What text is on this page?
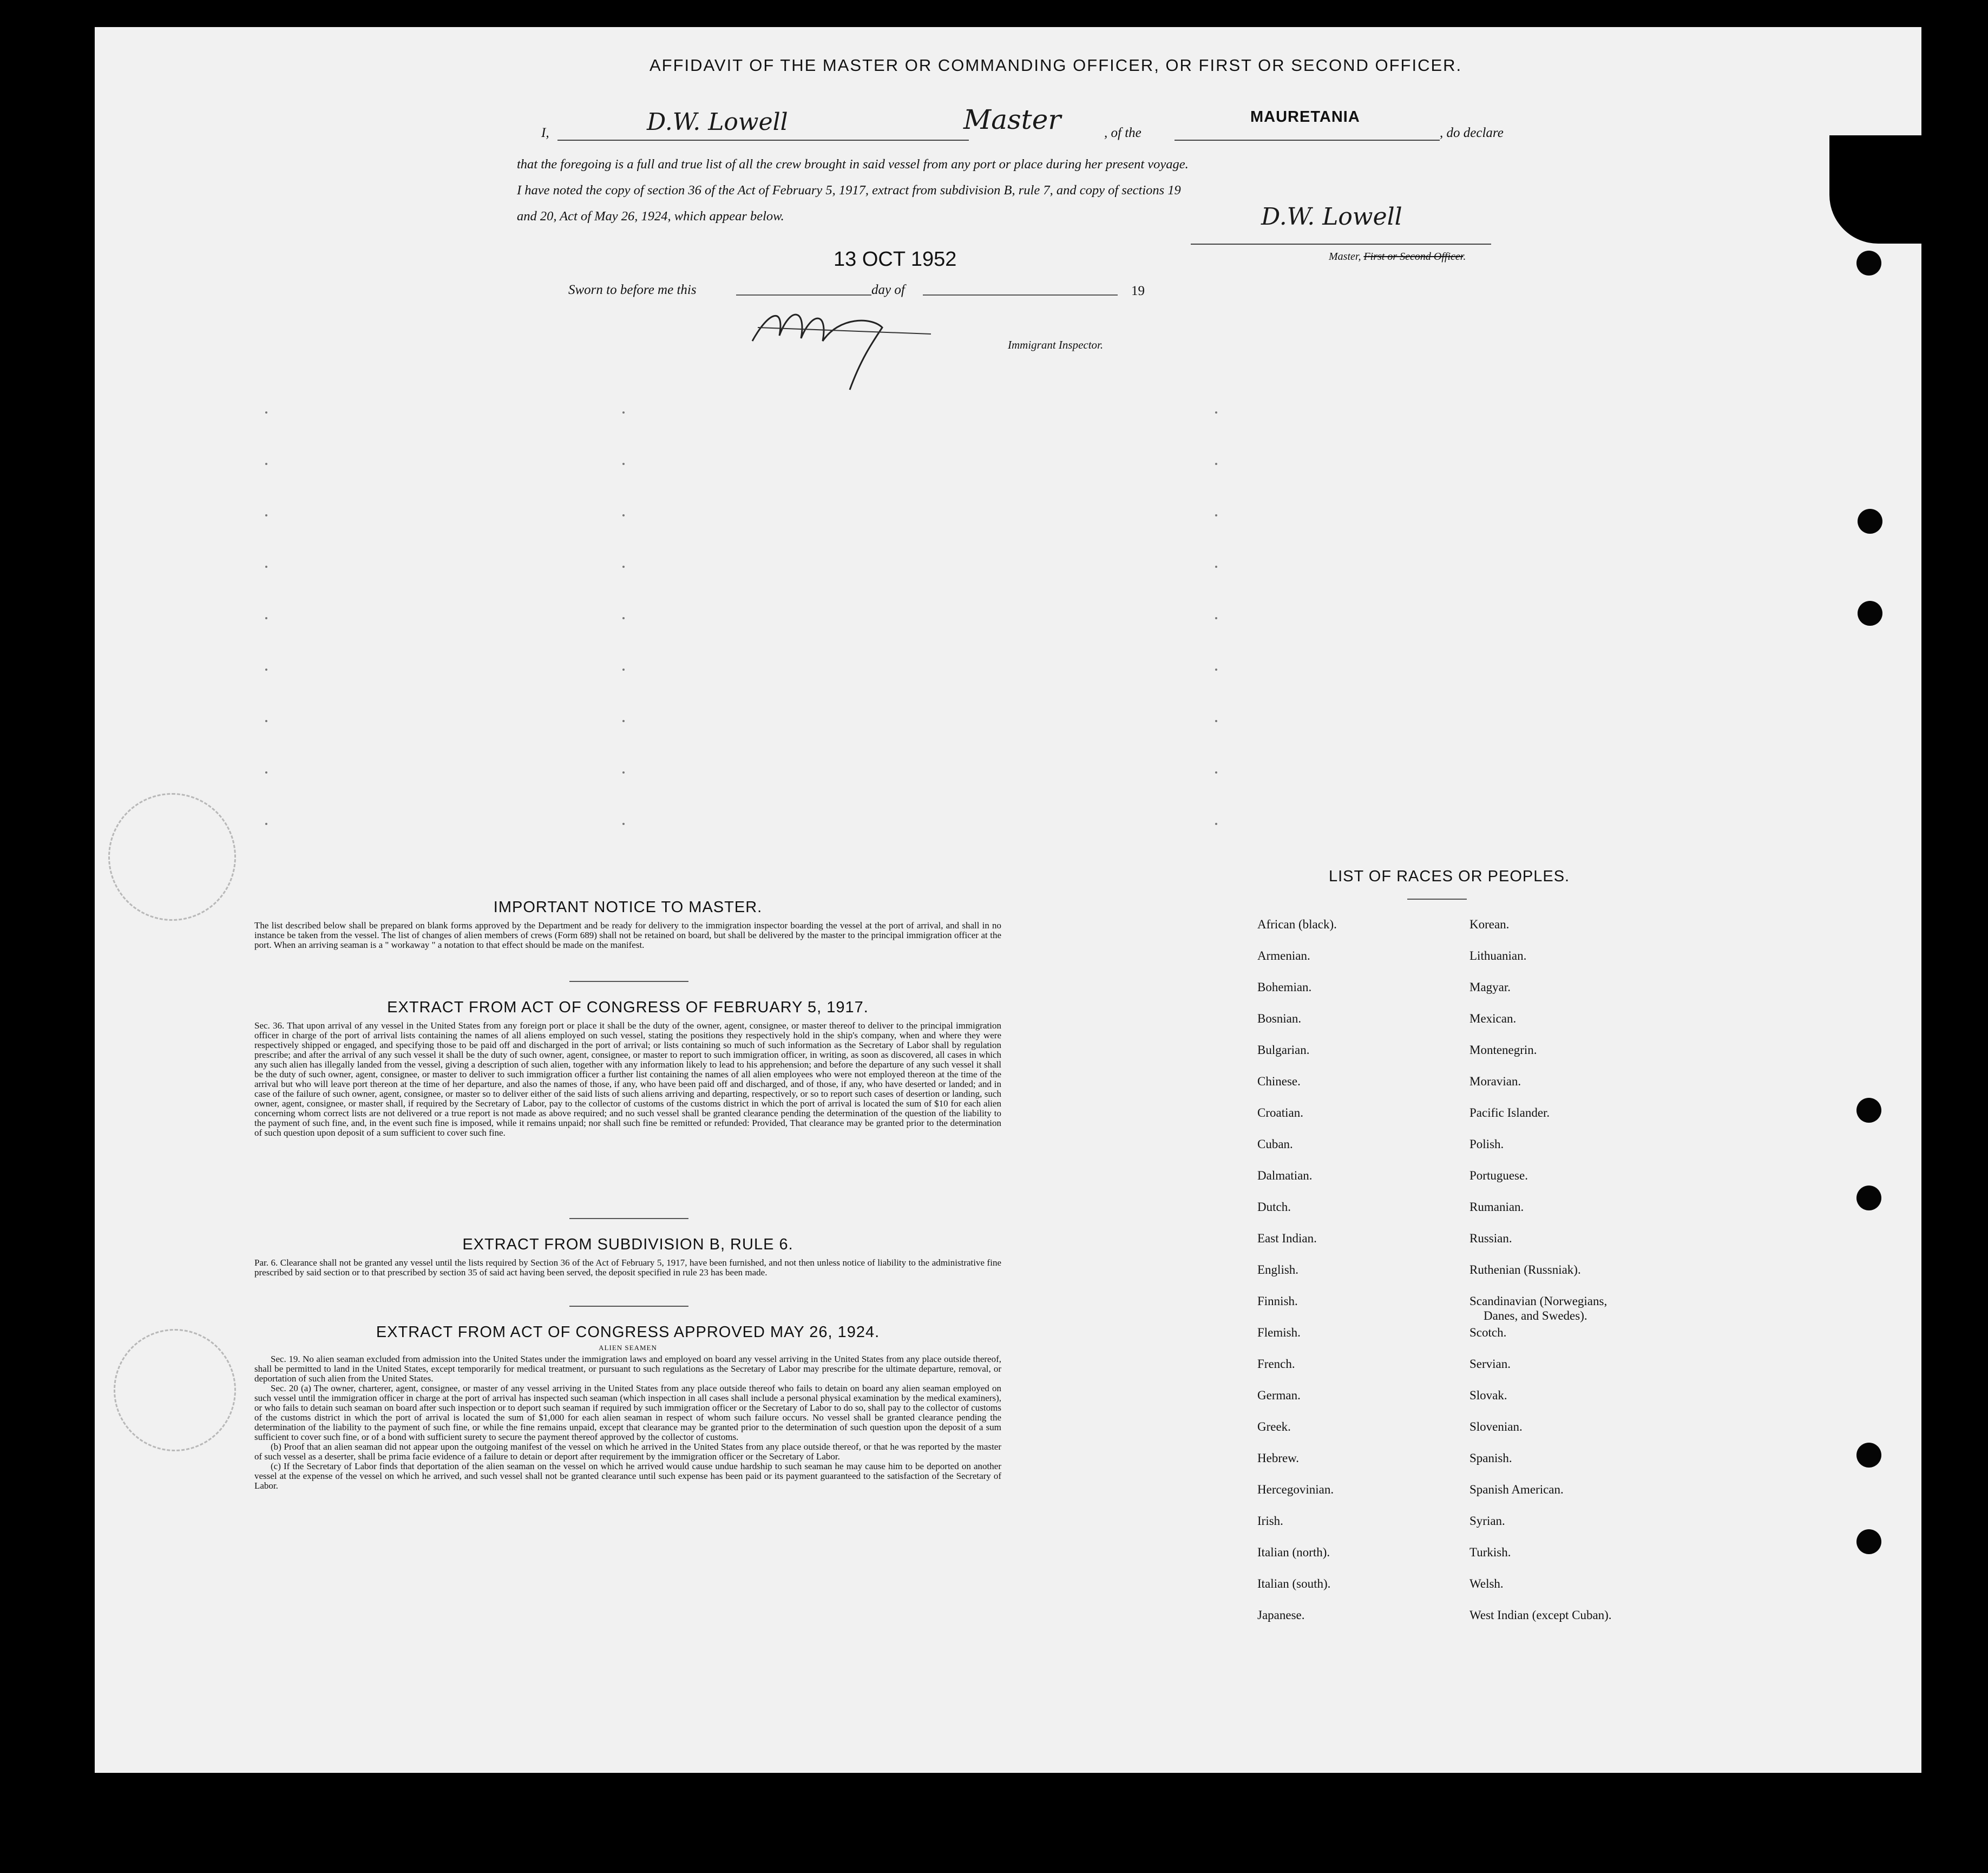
AFFIDAVIT OF THE MASTER OR COMMANDING OFFICER, OR FIRST OR SECOND OFFICER.
I,	D.W. Lowell	Master	, of the
MAURETANIA
, do declare
that the foregoing is a full and true list of all the crew brought in said vessel from any port or place during her present voyage.
I have noted the copy of section 36 of the Act of February 5, 1917, extract from subdivision B, rule 7, and copy of sections 19
and 20, Act of May 26, 1924, which appear below.	D.W. Lowell
Master, First or Second Officer.
13 OCT 1952
Sworn to before me this	day of	19
Immigrant Inspector.
IMPORTANT NOTICE TO MASTER.
The list described below shall be prepared on blank forms approved by the Department and be ready for delivery to the immigration inspector boarding the vessel at the port of arrival, and shall in no instance be taken from the vessel. The list of changes of alien members of crews (Form 689) shall not be retained on board, but shall be delivered by the master to the principal immigration officer at the port. When an arriving seaman is a " workaway " a notation to that effect should be made on the manifest.
EXTRACT FROM ACT OF CONGRESS OF FEBRUARY 5, 1917.
Sec. 36. That upon arrival of any vessel in the United States from any foreign port or place it shall be the duty of the owner, agent, consignee, or master thereof to deliver to the principal immigration officer in charge of the port of arrival lists containing the names of all aliens employed on such vessel, stating the positions they respectively hold in the ship's company, when and where they were respectively shipped or engaged, and specifying those to be paid off and discharged in the port of arrival; or lists containing so much of such information as the Secretary of Labor shall by regulation prescribe; and after the arrival of any such vessel it shall be the duty of such owner, agent, consignee, or master to report to such immigration officer, in writing, as soon as discovered, all cases in which any such alien has illegally landed from the vessel, giving a description of such alien, together with any information likely to lead to his apprehension; and before the departure of any such vessel it shall be the duty of such owner, agent, consignee, or master to deliver to such immigration officer a further list containing the names of all alien employees who were not employed thereon at the time of the arrival but who will leave port thereon at the time of her departure, and also the names of those, if any, who have been paid off and discharged, and of those, if any, who have deserted or landed; and in case of the failure of such owner, agent, consignee, or master so to deliver either of the said lists of such aliens arriving and departing, respectively, or so to report such cases of desertion or landing, such owner, agent, consignee, or master shall, if required by the Secretary of Labor, pay to the collector of customs of the customs district in which the port of arrival is located the sum of $10 for each alien concerning whom correct lists are not delivered or a true report is not made as above required; and no such vessel shall be granted clearance pending the determination of the question of the liability to the payment of such fine, and, in the event such fine is imposed, while it remains unpaid; nor shall such fine be remitted or refunded: Provided, That clearance may be granted prior to the determination of such question upon deposit of a sum sufficient to cover such fine.
EXTRACT FROM SUBDIVISION B, RULE 6.
Par. 6. Clearance shall not be granted any vessel until the lists required by Section 36 of the Act of February 5, 1917, have been furnished, and not then unless notice of liability to the administrative fine prescribed by said section or to that prescribed by section 35 of said act having been served, the deposit specified in rule 23 has been made.
EXTRACT FROM ACT OF CONGRESS APPROVED MAY 26, 1924.
ALIEN SEAMEN
Sec. 19. No alien seaman excluded from admission into the United States under the immigration laws and employed on board any vessel arriving in the United States from any place outside thereof, shall be permitted to land in the United States, except temporarily for medical treatment, or pursuant to such regulations as the Secretary of Labor may prescribe for the ultimate departure, removal, or deportation of such alien from the United States.
Sec. 20 (a) The owner, charterer, agent, consignee, or master of any vessel arriving in the United States from any place outside thereof who fails to detain on board any alien seaman employed on such vessel until the immigration officer in charge at the port of arrival has inspected such seaman (which inspection in all cases shall include a personal physical examination by the medical examiners), or who fails to detain such seaman on board after such inspection or to deport such seaman if required by such immigration officer or the Secretary of Labor to do so, shall pay to the collector of customs of the customs district in which the port of arrival is located the sum of $1,000 for each alien seaman in respect of whom such failure occurs. No vessel shall be granted clearance pending the determination of the liability to the payment of such fine, or while the fine remains unpaid, except that clearance may be granted prior to the determination of such question upon the deposit of a sum sufficient to cover such fine, or of a bond with sufficient surety to secure the payment thereof approved by the collector of customs.
(b) Proof that an alien seaman did not appear upon the outgoing manifest of the vessel on which he arrived in the United States from any place outside thereof, or that he was reported by the master of such vessel as a deserter, shall be prima facie evidence of a failure to detain or deport after requirement by the immigration officer or the Secretary of Labor.
(c) If the Secretary of Labor finds that deportation of the alien seaman on the vessel on which he arrived would cause undue hardship to such seaman he may cause him to be deported on another vessel at the expense of the vessel on which he arrived, and such vessel shall not be granted clearance until such expense has been paid or its payment guaranteed to the satisfaction of the Secretary of Labor.
LIST OF RACES OR PEOPLES.
African (black).
Armenian.
Bohemian.
Bosnian.
Bulgarian.
Chinese.
Croatian.
Cuban.
Dalmatian.
Dutch.
East Indian.
English.
Finnish.
Flemish.
French.
German.
Greek.
Hebrew.
Hercegovinian.
Irish.
Italian (north).
Italian (south).
Japanese.
Korean.
Lithuanian.
Magyar.
Mexican.
Montenegrin.
Moravian.
Pacific Islander.
Polish.
Portuguese.
Rumanian.
Russian.
Ruthenian (Russniak).
Scandinavian (Norwegians,
Scotch.
Servian.
Slovak.
Slovenian.
Spanish.
Spanish American.
Syrian.
Turkish.
Welsh.
West Indian (except Cuban).
Danes, and Swedes).
